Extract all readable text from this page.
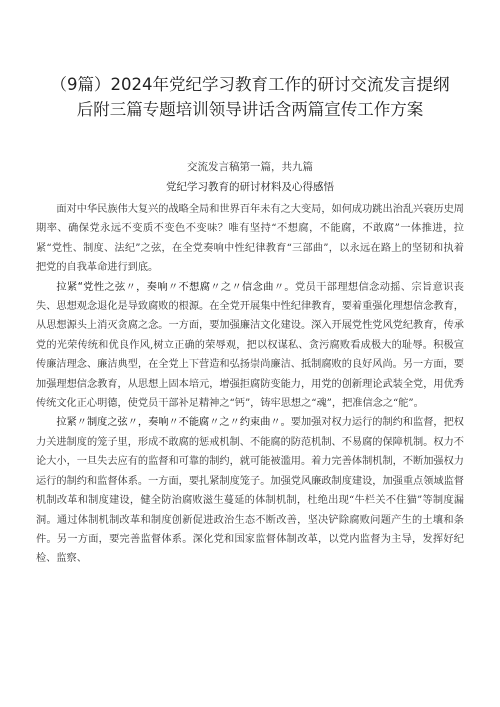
（9篇）2024年党纪学习教育工作的研讨交流发言提纲
后附三篇专题培训领导讲话含两篇宣传工作方案

交流发言稿第一篇，共九篇

党纪学习教育的研讨材料及心得感悟

面对中华民族伟大复兴的战略全局和世界百年未有之大变局，如何成功跳出治乱兴衰历史周期率、确保党永远不变质不变色不变味？唯有坚持“不想腐，不能腐，不敢腐”一体推进，拉紧“党性、制度、法纪”之弦，在全党奏响中性纪律教育“三部曲”，以永远在路上的坚韧和执着把党的自我革命进行到底。

拉紧“党性之弦〃，奏响〃不想腐〃之〃信念曲〃。党员干部理想信念动摇、宗旨意识丧失、思想观念退化是导致腐败的根源。在全党开展集中性纪律教育，要着重强化理想信念教育，从思想源头上消灭贪腐之念。一方面，要加强廉洁文化建设。深入开展党性党风党纪教育，传承党的光荣传统和优良作风,树立正确的荣辱观，把以权谋私、贪污腐败看成极大的耻辱。积极宣传廉洁理念、廉洁典型，在全党上下营造和弘扬崇尚廉洁、抵制腐败的良好风尚。另一方面，要加强理想信念教育，从思想上固本培元，增强拒腐防变能力，用党的创新理论武装全党，用优秀传统文化正心明德，使党员干部补足精神之“钙”，铸牢思想之“魂”，把准信念之“舵”。

拉紧〃制度之弦〃，奏响〃不能腐〃之〃约束曲〃。要加强对权力运行的制约和监督，把权力关进制度的笼子里，形成不敢腐的惩戒机制、不能腐的防范机制、不易腐的保障机制。权力不论大小，一旦失去应有的监督和可靠的制约，就可能被滥用。着力完善体制机制，不断加强权力运行的制约和监督体系。一方面，要扎紧制度笼子。加强党风廉政制度建设，加强重点领域监督机制改革和制度建设，健全防治腐败滋生蔓延的体制机制，杜绝出现“牛栏关不住猫”等制度漏洞。通过体制机制改革和制度创新促进政治生态不断改善，坚决铲除腐败问题产生的土壤和条件。另一方面，要完善监督体系。深化党和国家监督体制改革，以党内监督为主导，发挥好纪检、监察、
